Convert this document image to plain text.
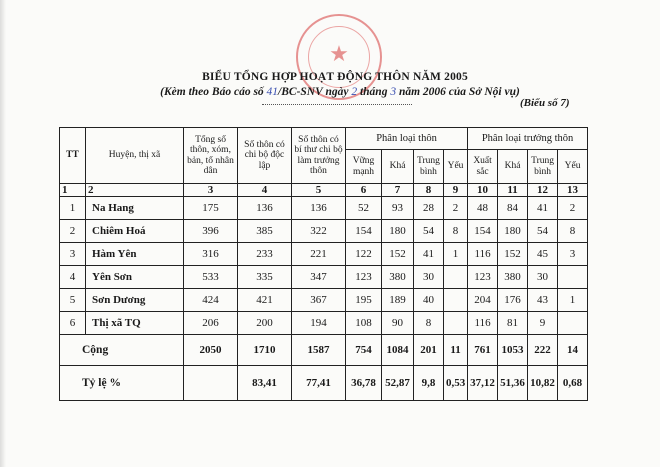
★
BIỂU TỔNG HỢP HOẠT ĐỘNG THÔN NĂM 2005
(Kèm theo Báo cáo số 41/BC-SNV ngày 2 tháng 3 năm 2006 của Sở Nội vụ)
(Biểu số 7)
TT	Huyện, thị xã	Tổng số thôn, xóm, bản, tổ nhân dân	Số thôn có chi bộ độc lập	Số thôn có bí thư chi bộ làm trưởng thôn	Phân loại thôn				Phân loại trưởng thôn			
					Vững mạnh	Khá	Trung bình	Yếu	Xuất sắc	Khá	Trung bình	Yếu
1	2	3	4	5	6	7	8	9	10	11	12	13
1	Na Hang	175	136	136	52	93	28	2	48	84	41	2
2	Chiêm Hoá	396	385	322	154	180	54	8	154	180	54	8
3	Hàm Yên	316	233	221	122	152	41	1	116	152	45	3
4	Yên Sơn	533	335	347	123	380	30		123	380	30	
5	Sơn Dương	424	421	367	195	189	40		204	176	43	1
6	Thị xã TQ	206	200	194	108	90	8		116	81	9	
Cộng		2050	1710	1587	754	1084	201	11	761	1053	222	14
Tỷ lệ %			83,41	77,41	36,78	52,87	9,8	0,53	37,12	51,36	10,82	0,68
